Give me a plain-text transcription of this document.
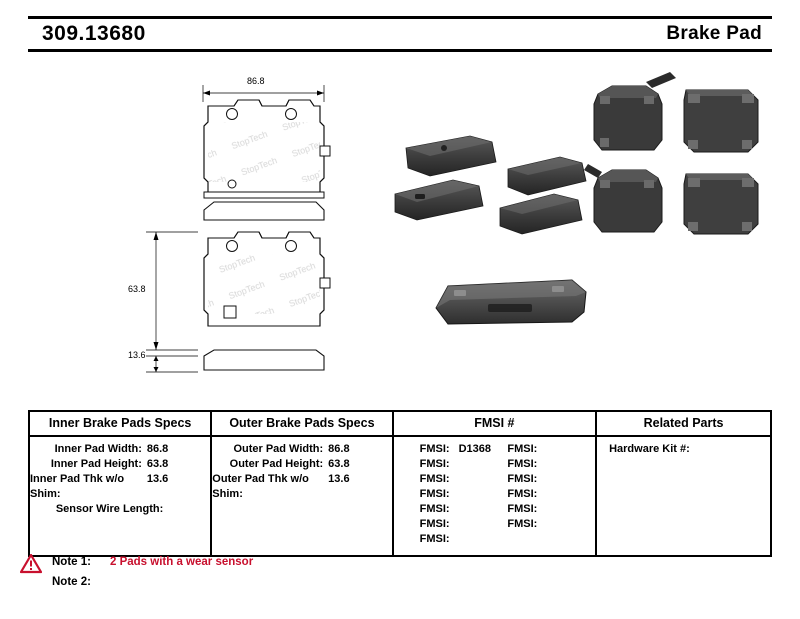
309.13680	Brake Pad
86.8
63.8
13.6
Inner Brake Pads Specs	Outer Brake Pads Specs	FMSI #	Related Parts

Inner Pad Width: 86.8
Inner Pad Height: 63.8
Inner Pad Thk w/o Shim:
13.6
Sensor Wire Length:

Outer Pad Width: 86.8
Outer Pad Height: 63.8
Outer Pad Thk w/o Shim:
13.6

FMSI: D1368
FMSI:
FMSI:
FMSI:
FMSI:
FMSI:
FMSI:
FMSI:
FMSI:
FMSI:
FMSI:
FMSI:
FMSI:

Hardware Kit #:
Note 1:	2 Pads with a wear sensor
Note 2:
